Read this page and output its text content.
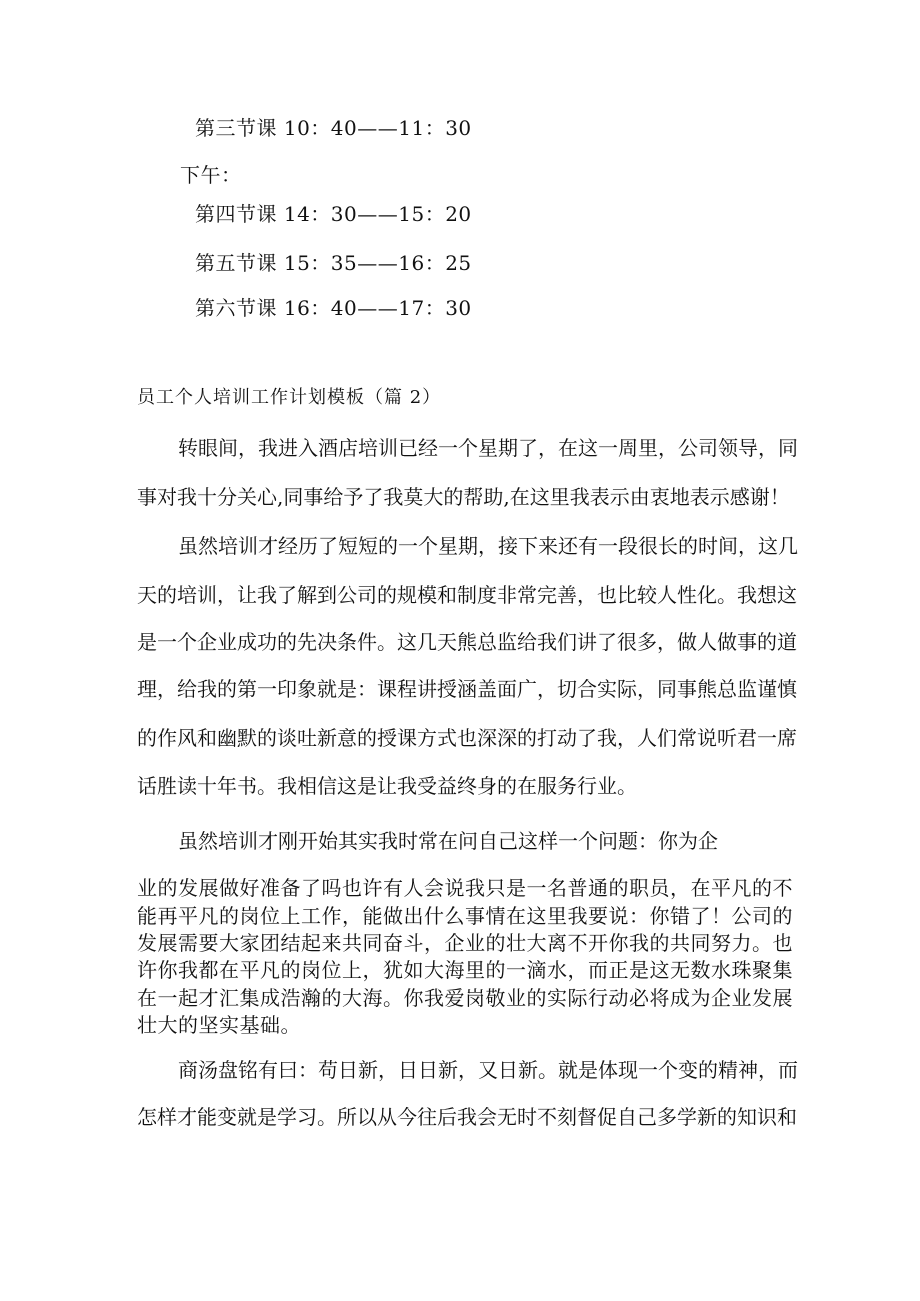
第三节课 10：40——11：30

下午：

第四节课 14：30——15：20

第五节课 15：35——16：25

第六节课 16：40——17：30

员工个人培训工作计划模板（篇 2）

转眼间，我进入酒店培训已经一个星期了，在这一周里，公司领导，同

事对我十分关心,同事给予了我莫大的帮助,在这里我表示由衷地表示感谢！

虽然培训才经历了短短的一个星期，接下来还有一段很长的时间，这几

天的培训，让我了解到公司的规模和制度非常完善，也比较人性化。我想这

是一个企业成功的先决条件。这几天熊总监给我们讲了很多，做人做事的道

理，给我的第一印象就是：课程讲授涵盖面广，切合实际，同事熊总监谨慎

的作风和幽默的谈吐新意的授课方式也深深的打动了我，人们常说听君一席

话胜读十年书。我相信这是让我受益终身的在服务行业。

虽然培训才刚开始其实我时常在问自己这样一个问题：你为企

业的发展做好准备了吗也许有人会说我只是一名普通的职员，在平凡的不

能再平凡的岗位上工作，能做出什么事情在这里我要说：你错了！公司的

发展需要大家团结起来共同奋斗，企业的壮大离不开你我的共同努力。也

许你我都在平凡的岗位上，犹如大海里的一滴水，而正是这无数水珠聚集

在一起才汇集成浩瀚的大海。你我爱岗敬业的实际行动必将成为企业发展

壮大的坚实基础。

商汤盘铭有曰：苟日新，日日新，又日新。就是体现一个变的精神，而

怎样才能变就是学习。所以从今往后我会无时不刻督促自己多学新的知识和
